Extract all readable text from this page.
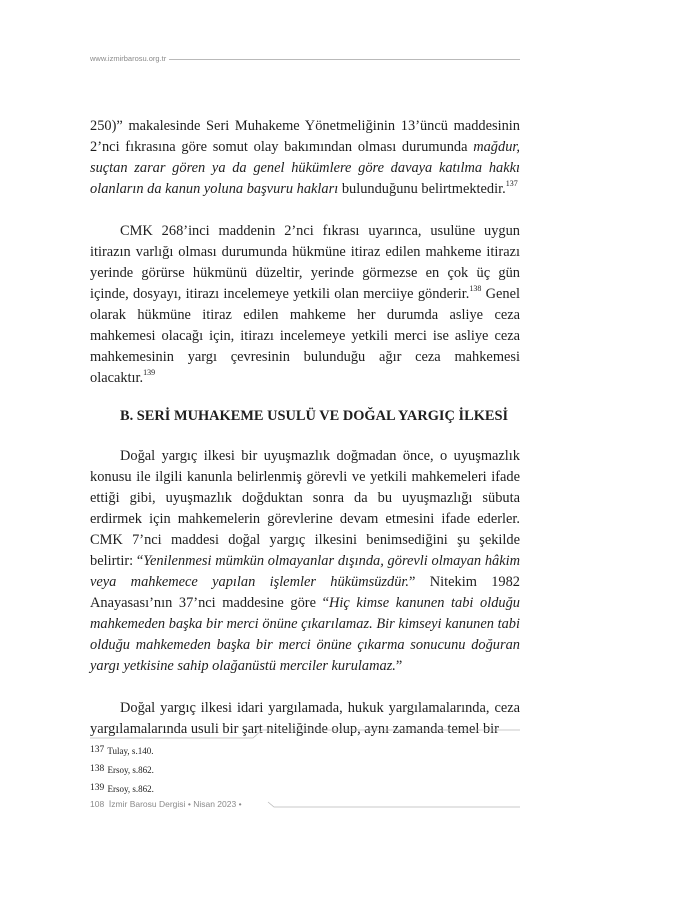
www.izmirbarosu.org.tr

250)” makalesinde Seri Muhakeme Yönetmeliğinin 13’üncü maddesinin 2’nci fıkrasına göre somut olay bakımından olması durumunda mağdur, suçtan zarar gören ya da genel hükümlere göre davaya katılma hakkı olanların da kanun yoluna başvuru hakları bulunduğunu belirtmektedir.$^{137}$

CMK 268’inci maddenin 2’nci fıkrası uyarınca, usulüne uygun itirazın varlığı olması durumunda hükmüne itiraz edilen mahkeme itirazı yerinde görürse hükmünü düzeltir, yerinde görmezse en çok üç gün içinde, dosyayı, itirazı incelemeye yetkili olan merciiye gönderir.$^{138}$ Genel olarak hükmüne itiraz edilen mahkeme her durumda asliye ceza mahkemesi olacağı için, itirazı incelemeye yetkili merci ise asliye ceza mahkemesinin yargı çevresinin bulunduğu ağır ceza mahkemesi olacaktır.$^{139}$

B. SERİ MUHAKEME USULÜ VE DOĞAL YARGIÇ İLKESİ

Doğal yargıç ilkesi bir uyuşmazlık doğmadan önce, o uyuşmazlık konusu ile ilgili kanunla belirlenmiş görevli ve yetkili mahkemeleri ifade ettiği gibi, uyuşmazlık doğduktan sonra da bu uyuşmazlığı sübuta erdirmek için mahkemelerin görevlerine devam etmesini ifade ederler. CMK 7’nci maddesi doğal yargıç ilkesini benimsediğini şu şekilde belirtir: “Yenilenmesi mümkün olmayanlar dışında, görevli olmayan hâkim veya mahkemece yapılan işlemler hükümsüzdür.” Nitekim 1982 Anayasası’nın 37’nci maddesine göre “Hiç kimse kanunen tabi olduğu mahkemeden başka bir merci önüne çıkarılamaz. Bir kimseyi kanunen tabi olduğu mahkemeden başka bir merci önüne çıkarma sonucunu doğuran yargı yetkisine sahip olağanüstü merciler kurulamaz.”

Doğal yargıç ilkesi idari yargılamada, hukuk yargılamalarında, ceza yargılamalarında usuli bir şart niteliğinde olup, aynı zamanda temel bir

137 Tulay, s.140.

138 Ersoy, s.862.

139 Ersoy, s.862.

108 İzmir Barosu Dergisi • Nisan 2023 •
